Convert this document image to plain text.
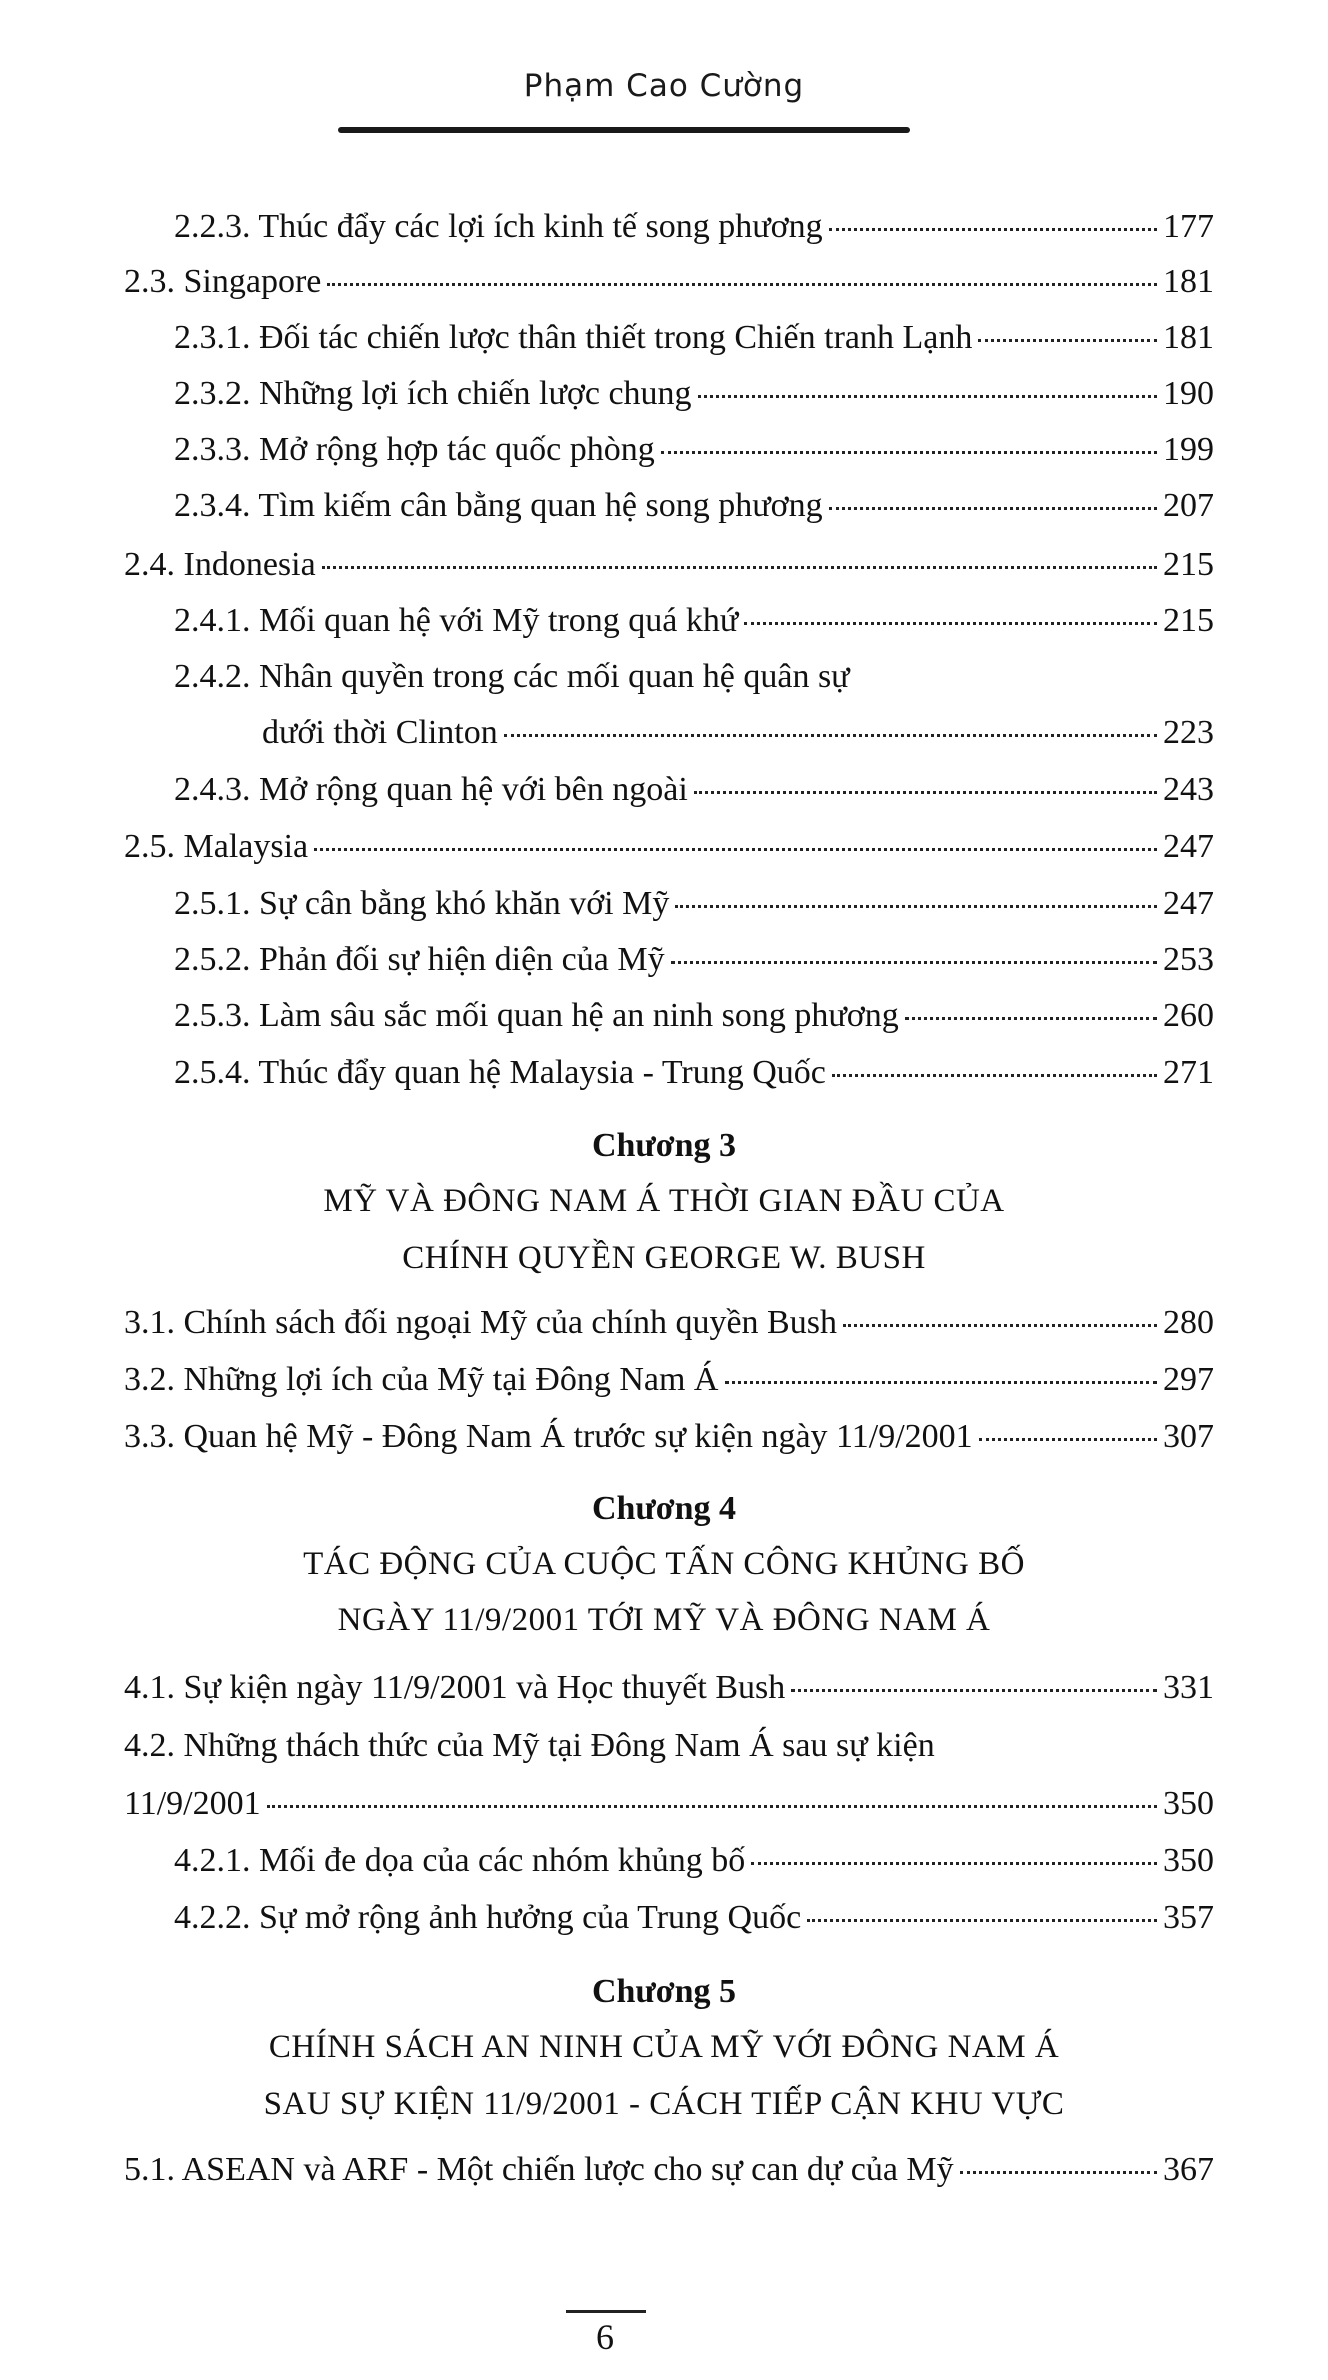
Phạm Cao Cường
2.2.3. Thúc đẩy các lợi ích kinh tế song phương	177
2.3. Singapore	181
2.3.1. Đối tác chiến lược thân thiết trong Chiến tranh Lạnh	181
2.3.2. Những lợi ích chiến lược chung	190
2.3.3. Mở rộng hợp tác quốc phòng	199
2.3.4. Tìm kiếm cân bằng quan hệ song phương	207
2.4. Indonesia	215
2.4.1. Mối quan hệ với Mỹ trong quá khứ	215
2.4.2. Nhân quyền trong các mối quan hệ quân sự
dưới thời Clinton	223
2.4.3. Mở rộng quan hệ với bên ngoài	243
2.5. Malaysia	247
2.5.1. Sự cân bằng khó khăn với Mỹ	247
2.5.2. Phản đối sự hiện diện của Mỹ	253
2.5.3. Làm sâu sắc mối quan hệ an ninh song phương	260
2.5.4. Thúc đẩy quan hệ Malaysia - Trung Quốc	271
Chương 3
MỸ VÀ ĐÔNG NAM Á THỜI GIAN ĐẦU CỦA
CHÍNH QUYỀN GEORGE W. BUSH
3.1. Chính sách đối ngoại Mỹ của chính quyền Bush	280
3.2. Những lợi ích của Mỹ tại Đông Nam Á	297
3.3. Quan hệ Mỹ - Đông Nam Á trước sự kiện ngày 11/9/2001	307
Chương 4
TÁC ĐỘNG CỦA CUỘC TẤN CÔNG KHỦNG BỐ
NGÀY 11/9/2001 TỚI MỸ VÀ ĐÔNG NAM Á
4.1. Sự kiện ngày 11/9/2001 và Học thuyết Bush	331
4.2. Những thách thức của Mỹ tại Đông Nam Á sau sự kiện
11/9/2001	350
4.2.1. Mối đe dọa của các nhóm khủng bố	350
4.2.2. Sự mở rộng ảnh hưởng của Trung Quốc	357
Chương 5
CHÍNH SÁCH AN NINH CỦA MỸ VỚI ĐÔNG NAM Á
SAU SỰ KIỆN 11/9/2001 - CÁCH TIẾP CẬN KHU VỰC
5.1. ASEAN và ARF - Một chiến lược cho sự can dự của Mỹ	367
6
